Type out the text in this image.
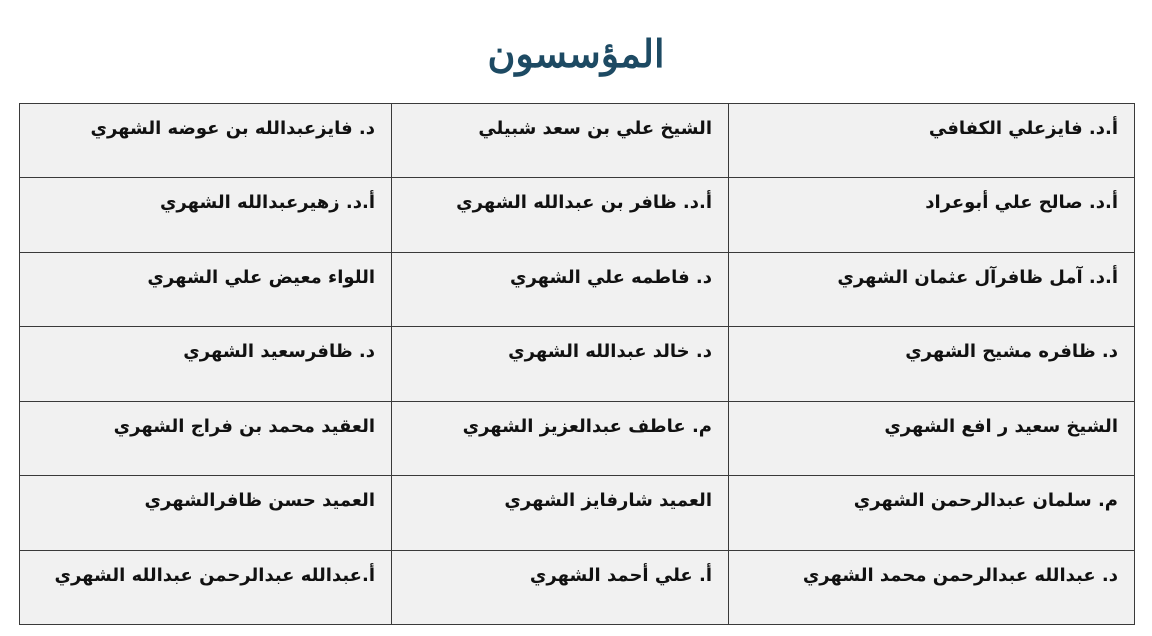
المؤسسون
أ.د. فايزعلي الكفافي	الشيخ علي بن سعد شبيلي	د. فايزعبدالله بن عوضه الشهري
أ.د. صالح علي أبوعراد	أ.د. ظافر بن عبدالله الشهري	أ.د. زهيرعبدالله الشهري
أ.د. آمل ظافرآل عثمان الشهري	د. فاطمه علي الشهري	اللواء معيض علي الشهري
د. ظافره مشيح الشهري	د. خالد عبدالله الشهري	د. ظافرسعيد الشهري
الشيخ سعيد ر افع الشهري	م. عاطف عبدالعزيز الشهري	العقيد محمد بن فراج الشهري
م. سلمان عبدالرحمن الشهري	العميد شارفايز الشهري	العميد حسن ظافرالشهري
د. عبدالله عبدالرحمن محمد الشهري	أ. علي أحمد الشهري	أ.عبدالله عبدالرحمن عبدالله الشهري
